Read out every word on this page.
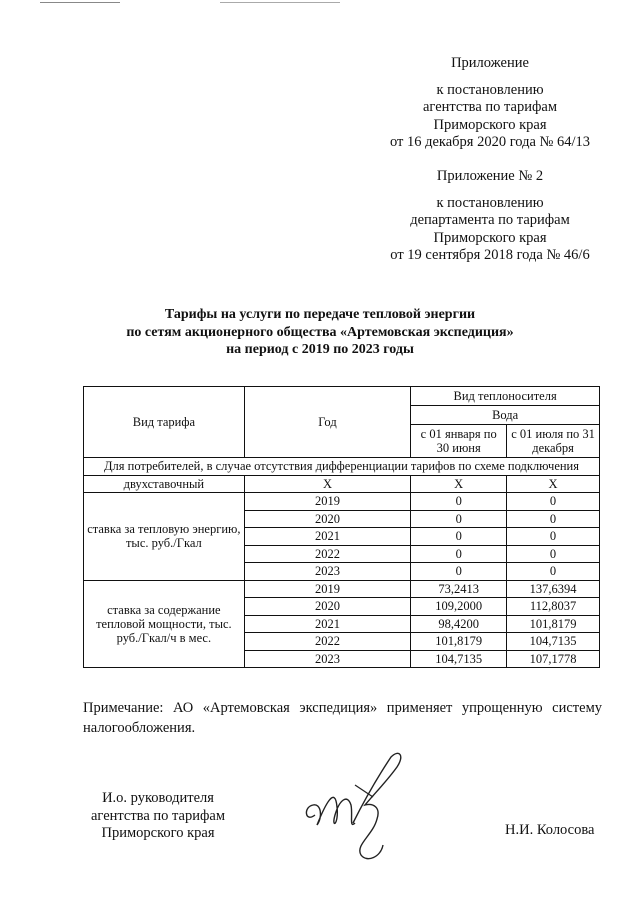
Приложение
к постановлению
агентства по тарифам
Приморского края
от 16 декабря 2020 года № 64/13
Приложение № 2
к постановлению
департамента по тарифам
Приморского края
от 19 сентября 2018 года № 46/6
Тарифы на услуги по передаче тепловой энергии
по сетям акционерного общества «Артемовская экспедиция»
на период с 2019 по 2023 годы
Вид тарифа	Год	Вид теплоносителя	
		Вода	
		с 01 января по 30 июня	с 01 июля по 31 декабря
Для потребителей, в случае отсутствия дифференциации тарифов по схеме подключения			
двухставочный	X	X	X
ставка за тепловую энергию, тыс. руб./Гкал	2019	0	0
	2020	0	0
	2021	0	0
	2022	0	0
	2023	0	0
ставка за содержание тепловой мощности, тыс. руб./Гкал/ч в мес.	2019	73,2413	137,6394
	2020	109,2000	112,8037
	2021	98,4200	101,8179
	2022	101,8179	104,7135
	2023	104,7135	107,1778
Примечание: АО «Артемовская экспедиция» применяет упрощенную систему налогообложения.
И.о. руководителя
агентства по тарифам
Приморского края	Н.И. Колосова
